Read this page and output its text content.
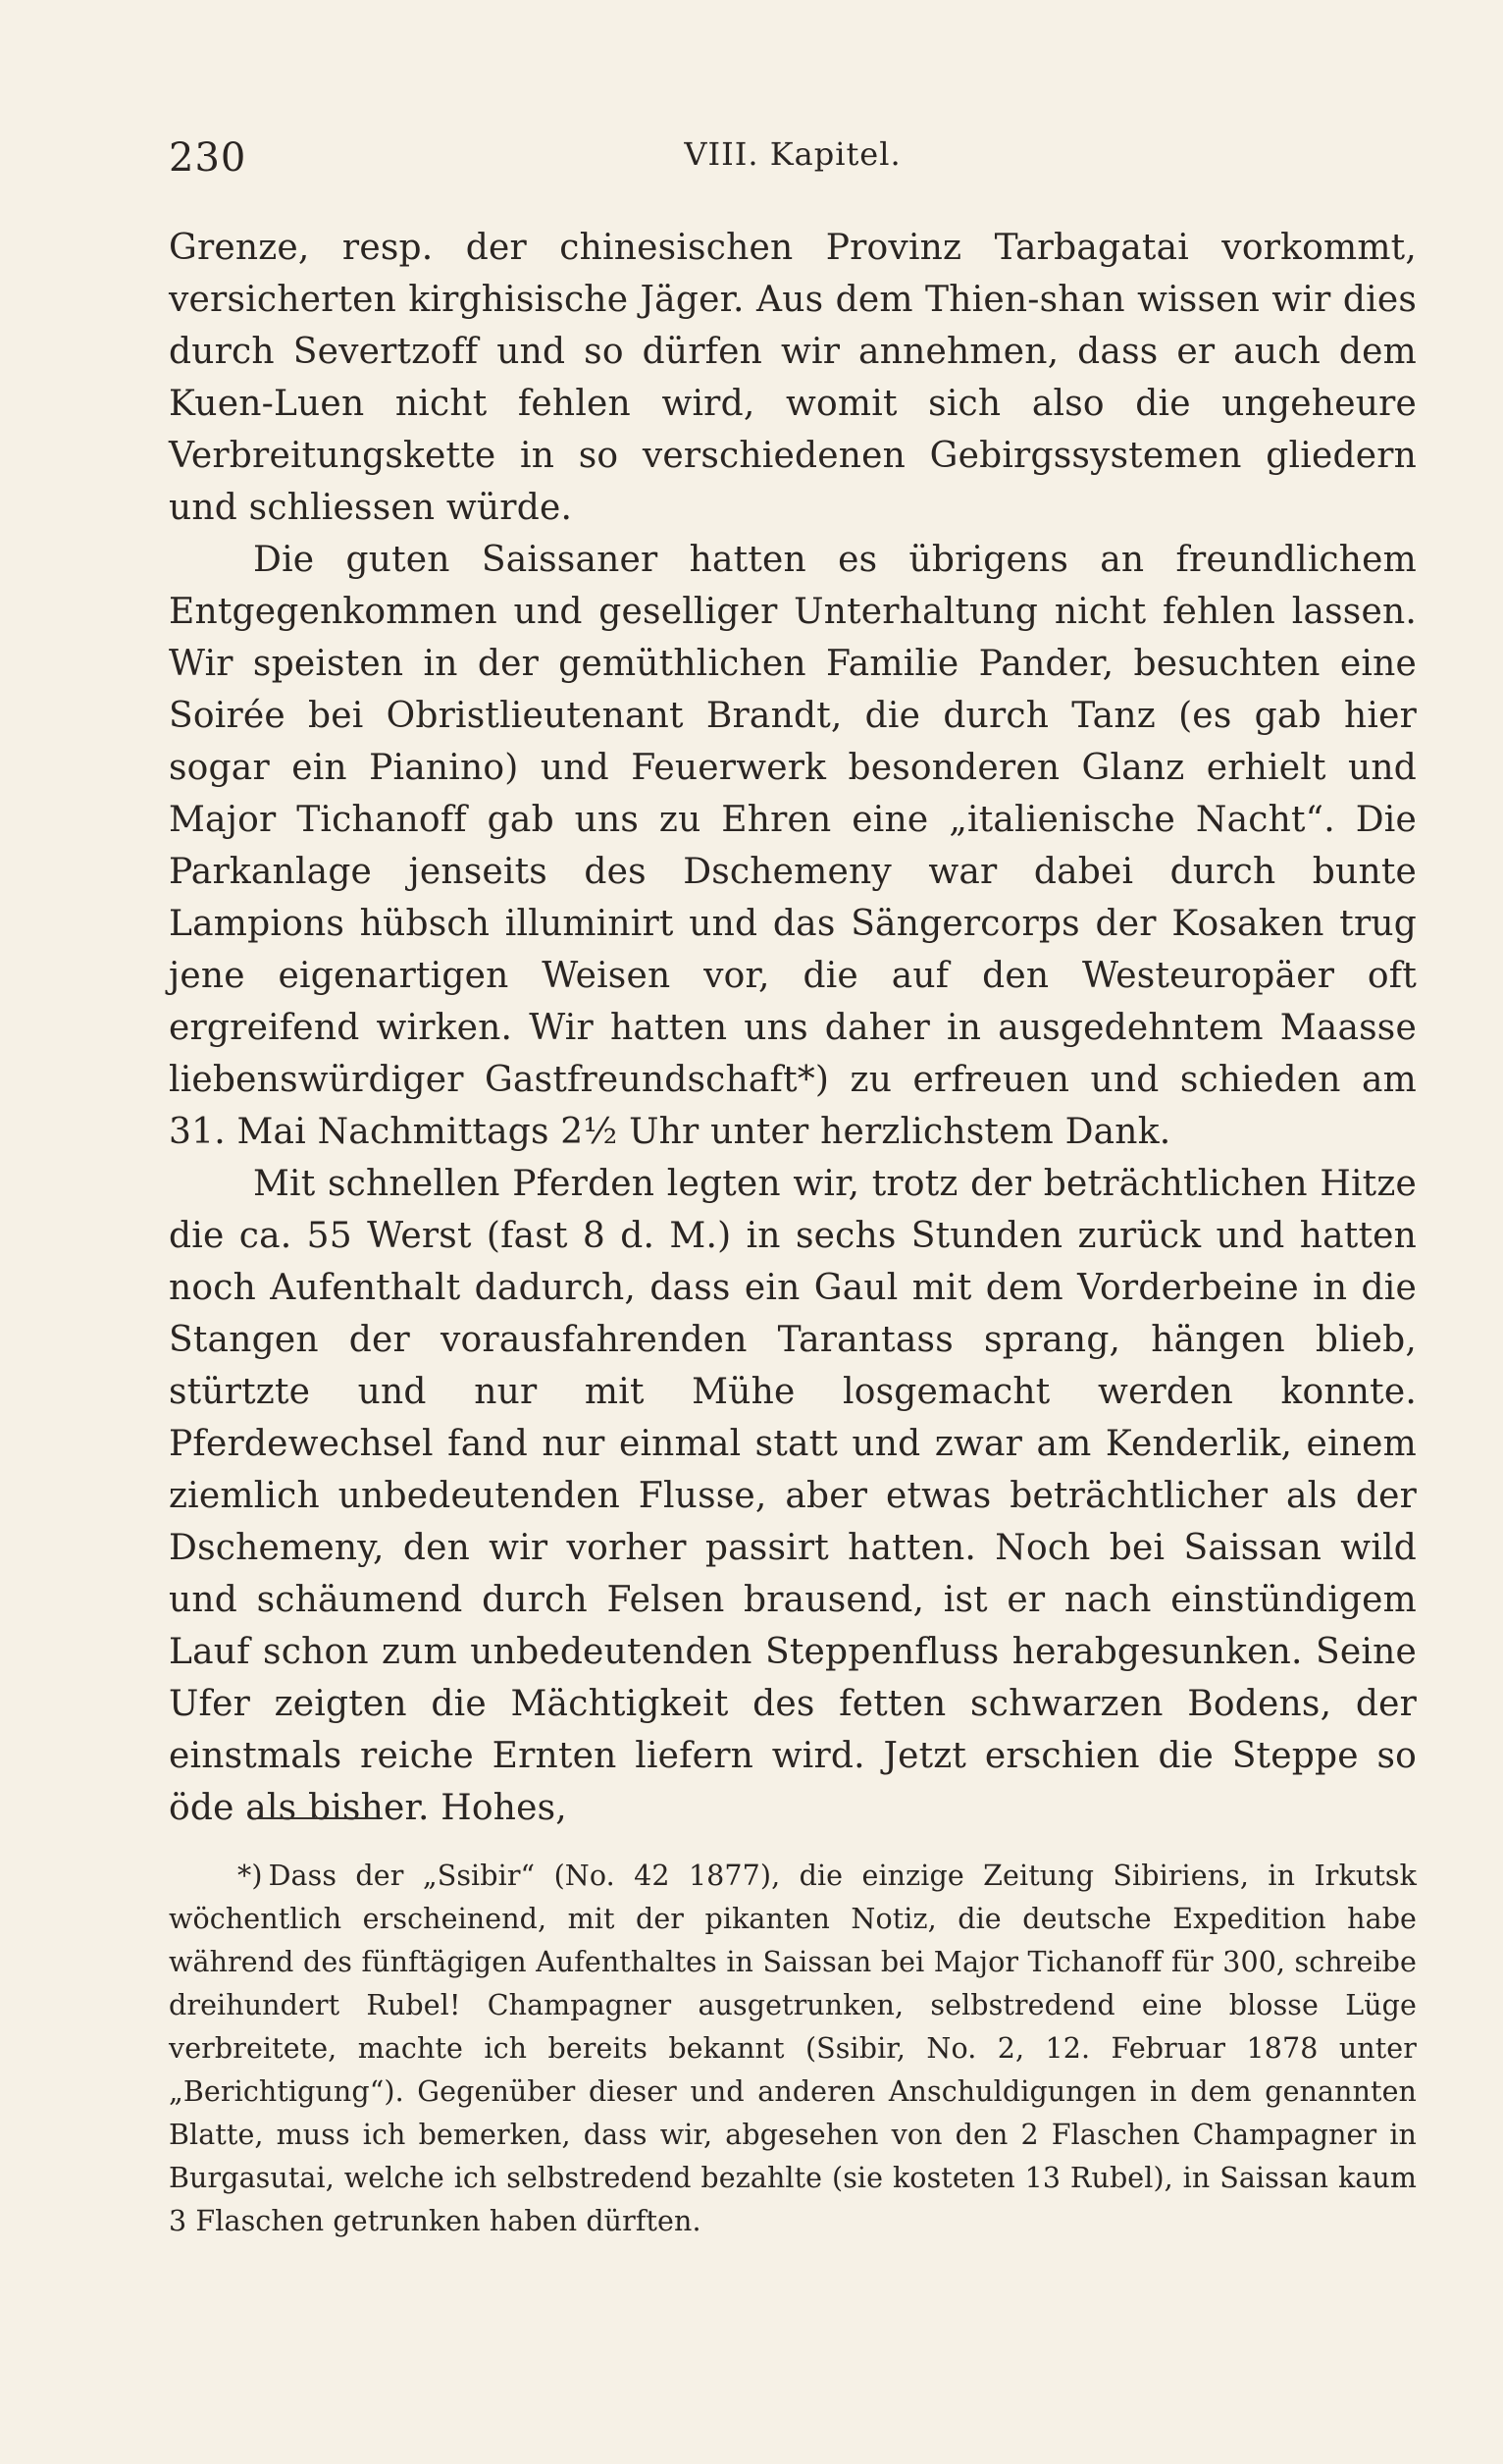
230	VIII. Kapitel.

Grenze, resp. der chinesischen Provinz Tarbagatai vorkommt, versicherten kirghisische Jäger. Aus dem Thien-shan wissen wir dies durch Severtzoff und so dürfen wir annehmen, dass er auch dem Kuen-Luen nicht fehlen wird, womit sich also die ungeheure Verbreitungskette in so verschiedenen Gebirgssystemen gliedern und schliessen würde.

Die guten Saissaner hatten es übrigens an freundlichem Entgegenkommen und geselliger Unterhaltung nicht fehlen lassen. Wir speisten in der gemüthlichen Familie Pander, besuchten eine Soirée bei Obristlieutenant Brandt, die durch Tanz (es gab hier sogar ein Pianino) und Feuerwerk besonderen Glanz erhielt und Major Tichanoff gab uns zu Ehren eine „italienische Nacht“. Die Parkanlage jenseits des Dschemeny war dabei durch bunte Lampions hübsch illuminirt und das Sängercorps der Kosaken trug jene eigenartigen Weisen vor, die auf den Westeuropäer oft ergreifend wirken. Wir hatten uns daher in ausgedehntem Maasse liebenswürdiger Gastfreundschaft*) zu erfreuen und schieden am 31. Mai Nachmittags 2½ Uhr unter herzlichstem Dank.

Mit schnellen Pferden legten wir, trotz der beträchtlichen Hitze die ca. 55 Werst (fast 8 d. M.) in sechs Stunden zurück und hatten noch Aufenthalt dadurch, dass ein Gaul mit dem Vorderbeine in die Stangen der vorausfahrenden Tarantass sprang, hängen blieb, stürtzte und nur mit Mühe losgemacht werden konnte. Pferdewechsel fand nur einmal statt und zwar am Kenderlik, einem ziemlich unbedeutenden Flusse, aber etwas beträchtlicher als der Dschemeny, den wir vorher passirt hatten. Noch bei Saissan wild und schäumend durch Felsen brausend, ist er nach einstündigem Lauf schon zum unbedeutenden Steppenfluss herabgesunken. Seine Ufer zeigten die Mächtigkeit des fetten schwarzen Bodens, der einstmals reiche Ernten liefern wird. Jetzt erschien die Steppe so öde als bisher. Hohes,

*) Dass der „Ssibir“ (No. 42 1877), die einzige Zeitung Sibiriens, in Irkutsk wöchentlich erscheinend, mit der pikanten Notiz, die deutsche Expedition habe während des fünftägigen Aufenthaltes in Saissan bei Major Tichanoff für 300, schreibe dreihundert Rubel! Champagner ausgetrunken, selbstredend eine blosse Lüge verbreitete, machte ich bereits bekannt (Ssibir, No. 2, 12. Februar 1878 unter „Berichtigung“). Gegenüber dieser und anderen Anschuldigungen in dem genannten Blatte, muss ich bemerken, dass wir, abgesehen von den 2 Flaschen Champagner in Burgasutai, welche ich selbstredend bezahlte (sie kosteten 13 Rubel), in Saissan kaum 3 Flaschen getrunken haben dürften.
